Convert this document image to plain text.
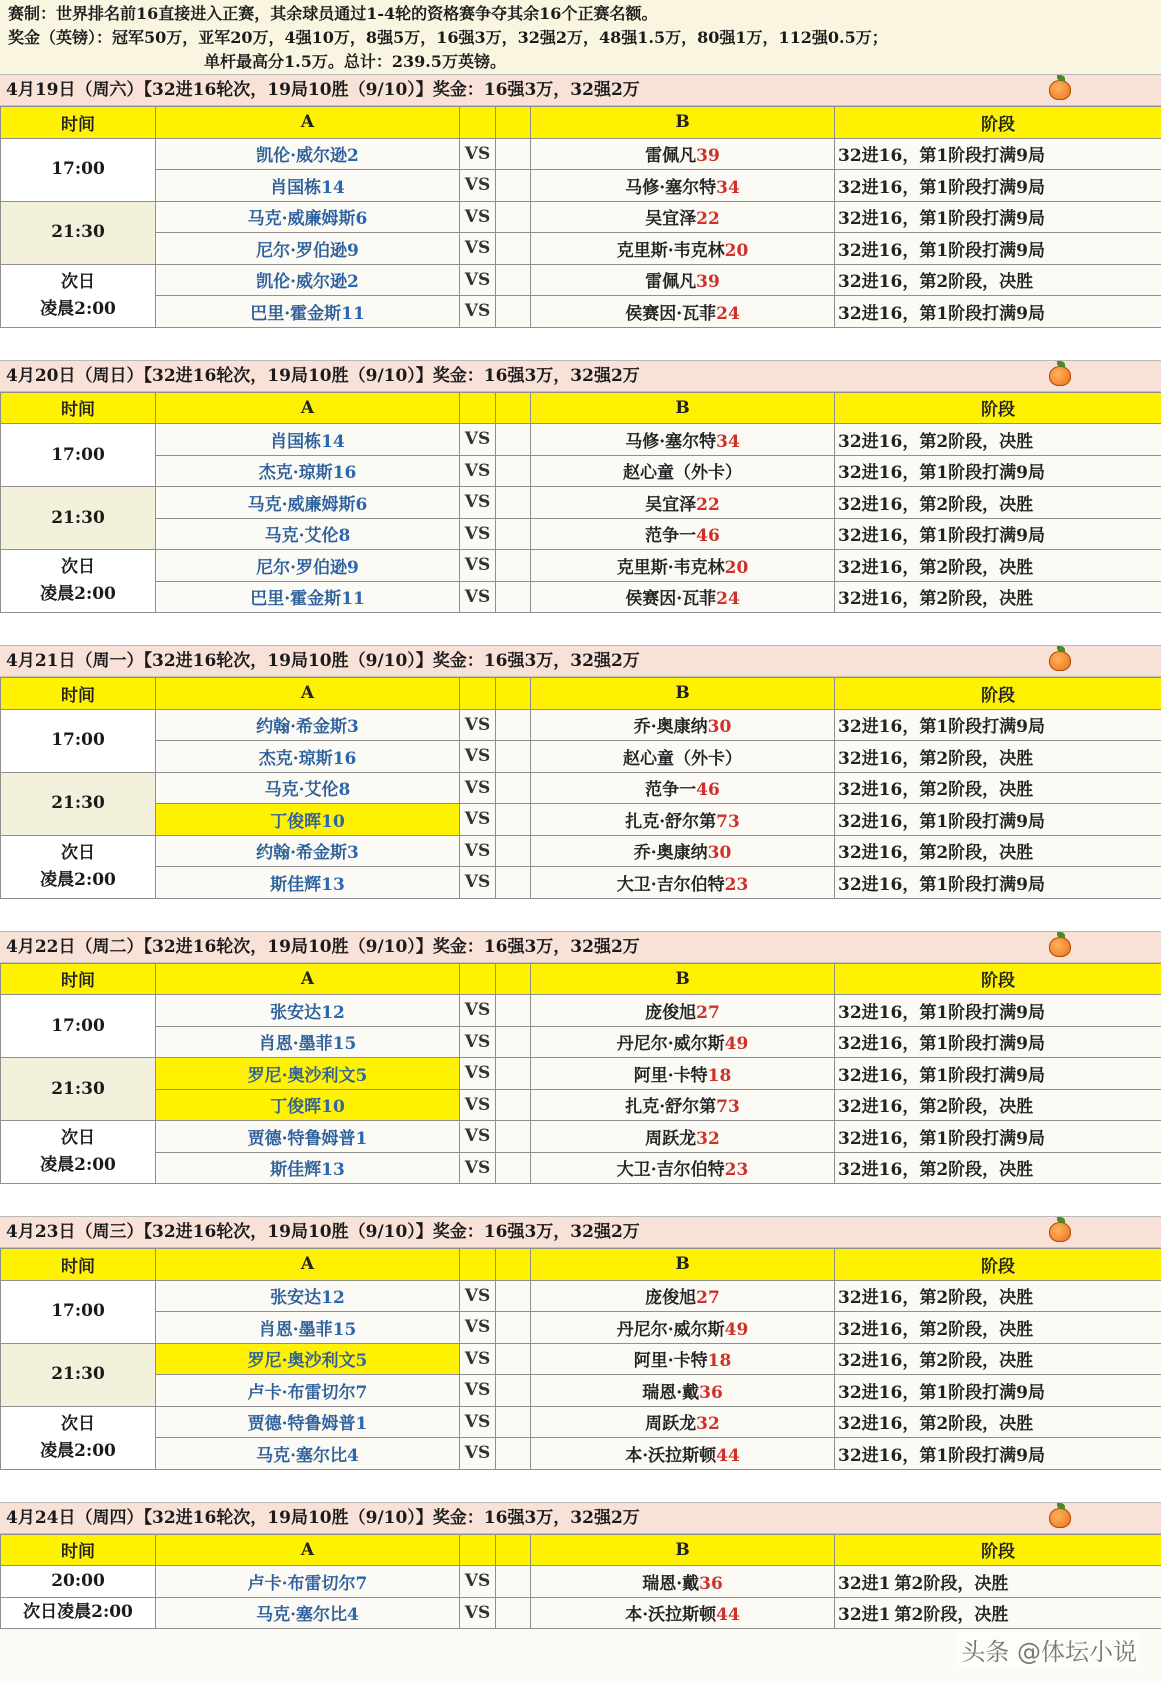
赛制：世界排名前16直接进入正赛，其余球员通过1-4轮的资格赛争夺其余16个正赛名额。
奖金（英镑）：冠军50万，亚军20万，4强10万，8强5万，16强3万，32强2万，48强1.5万，80强1万，112强0.5万；
单杆最高分1.5万。总计：239.5万英镑。
4月19日（周六）【32进16轮次，19局10胜（9/10）】奖金：16强3万，32强2万
时间	A			B	阶段

17:00	凯伦·威尔逊2	VS		雷佩凡39	32进16，第1阶段打满9局
	肖国栋14	VS		马修·塞尔特34	32进16，第1阶段打满9局

21:30	马克·威廉姆斯6	VS		吴宜泽22	32进16，第1阶段打满9局
	尼尔·罗伯逊9	VS		克里斯·韦克林20	32进16，第1阶段打满9局

次日
凌晨2:00	凯伦·威尔逊2	VS		雷佩凡39	32进16，第2阶段，决胜
	巴里·霍金斯11	VS		侯赛因·瓦菲24	32进16，第1阶段打满9局
4月20日（周日）【32进16轮次，19局10胜（9/10）】奖金：16强3万，32强2万
时间	A			B	阶段

17:00	肖国栋14	VS		马修·塞尔特34	32进16，第2阶段，决胜
	杰克·琼斯16	VS		赵心童（外卡）	32进16，第1阶段打满9局

21:30	马克·威廉姆斯6	VS		吴宜泽22	32进16，第2阶段，决胜
	马克·艾伦8	VS		范争一46	32进16，第1阶段打满9局

次日
凌晨2:00	尼尔·罗伯逊9	VS		克里斯·韦克林20	32进16，第2阶段，决胜
	巴里·霍金斯11	VS		侯赛因·瓦菲24	32进16，第2阶段，决胜
4月21日（周一）【32进16轮次，19局10胜（9/10）】奖金：16强3万，32强2万
时间	A			B	阶段

17:00	约翰·希金斯3	VS		乔·奥康纳30	32进16，第1阶段打满9局
	杰克·琼斯16	VS		赵心童（外卡）	32进16，第2阶段，决胜

21:30	马克·艾伦8	VS		范争一46	32进16，第2阶段，决胜
	丁俊晖10	VS		扎克·舒尔第73	32进16，第1阶段打满9局

次日
凌晨2:00	约翰·希金斯3	VS		乔·奥康纳30	32进16，第2阶段，决胜
	斯佳辉13	VS		大卫·吉尔伯特23	32进16，第1阶段打满9局
4月22日（周二）【32进16轮次，19局10胜（9/10）】奖金：16强3万，32强2万
时间	A			B	阶段

17:00	张安达12	VS		庞俊旭27	32进16，第1阶段打满9局
	肖恩·墨菲15	VS		丹尼尔·威尔斯49	32进16，第1阶段打满9局

21:30	罗尼·奥沙利文5	VS		阿里·卡特18	32进16，第1阶段打满9局
	丁俊晖10	VS		扎克·舒尔第73	32进16，第2阶段，决胜

次日
凌晨2:00	贾德·特鲁姆普1	VS		周跃龙32	32进16，第1阶段打满9局
	斯佳辉13	VS		大卫·吉尔伯特23	32进16，第2阶段，决胜
4月23日（周三）【32进16轮次，19局10胜（9/10）】奖金：16强3万，32强2万
时间	A			B	阶段

17:00	张安达12	VS		庞俊旭27	32进16，第2阶段，决胜
	肖恩·墨菲15	VS		丹尼尔·威尔斯49	32进16，第2阶段，决胜

21:30	罗尼·奥沙利文5	VS		阿里·卡特18	32进16，第2阶段，决胜
	卢卡·布雷切尔7	VS		瑞恩·戴36	32进16，第1阶段打满9局

次日
凌晨2:00	贾德·特鲁姆普1	VS		周跃龙32	32进16，第2阶段，决胜
	马克·塞尔比4	VS		本·沃拉斯顿44	32进16，第1阶段打满9局
4月24日（周四）【32进16轮次，19局10胜（9/10）】奖金：16强3万，32强2万
时间	A			B	阶段

20:00	卢卡·布雷切尔7	VS		瑞恩·戴36	32进1 第2阶段，决胜

次日凌晨2:00	马克·塞尔比4	VS		本·沃拉斯顿44	32进1 第2阶段，决胜
头条 @体坛小说
